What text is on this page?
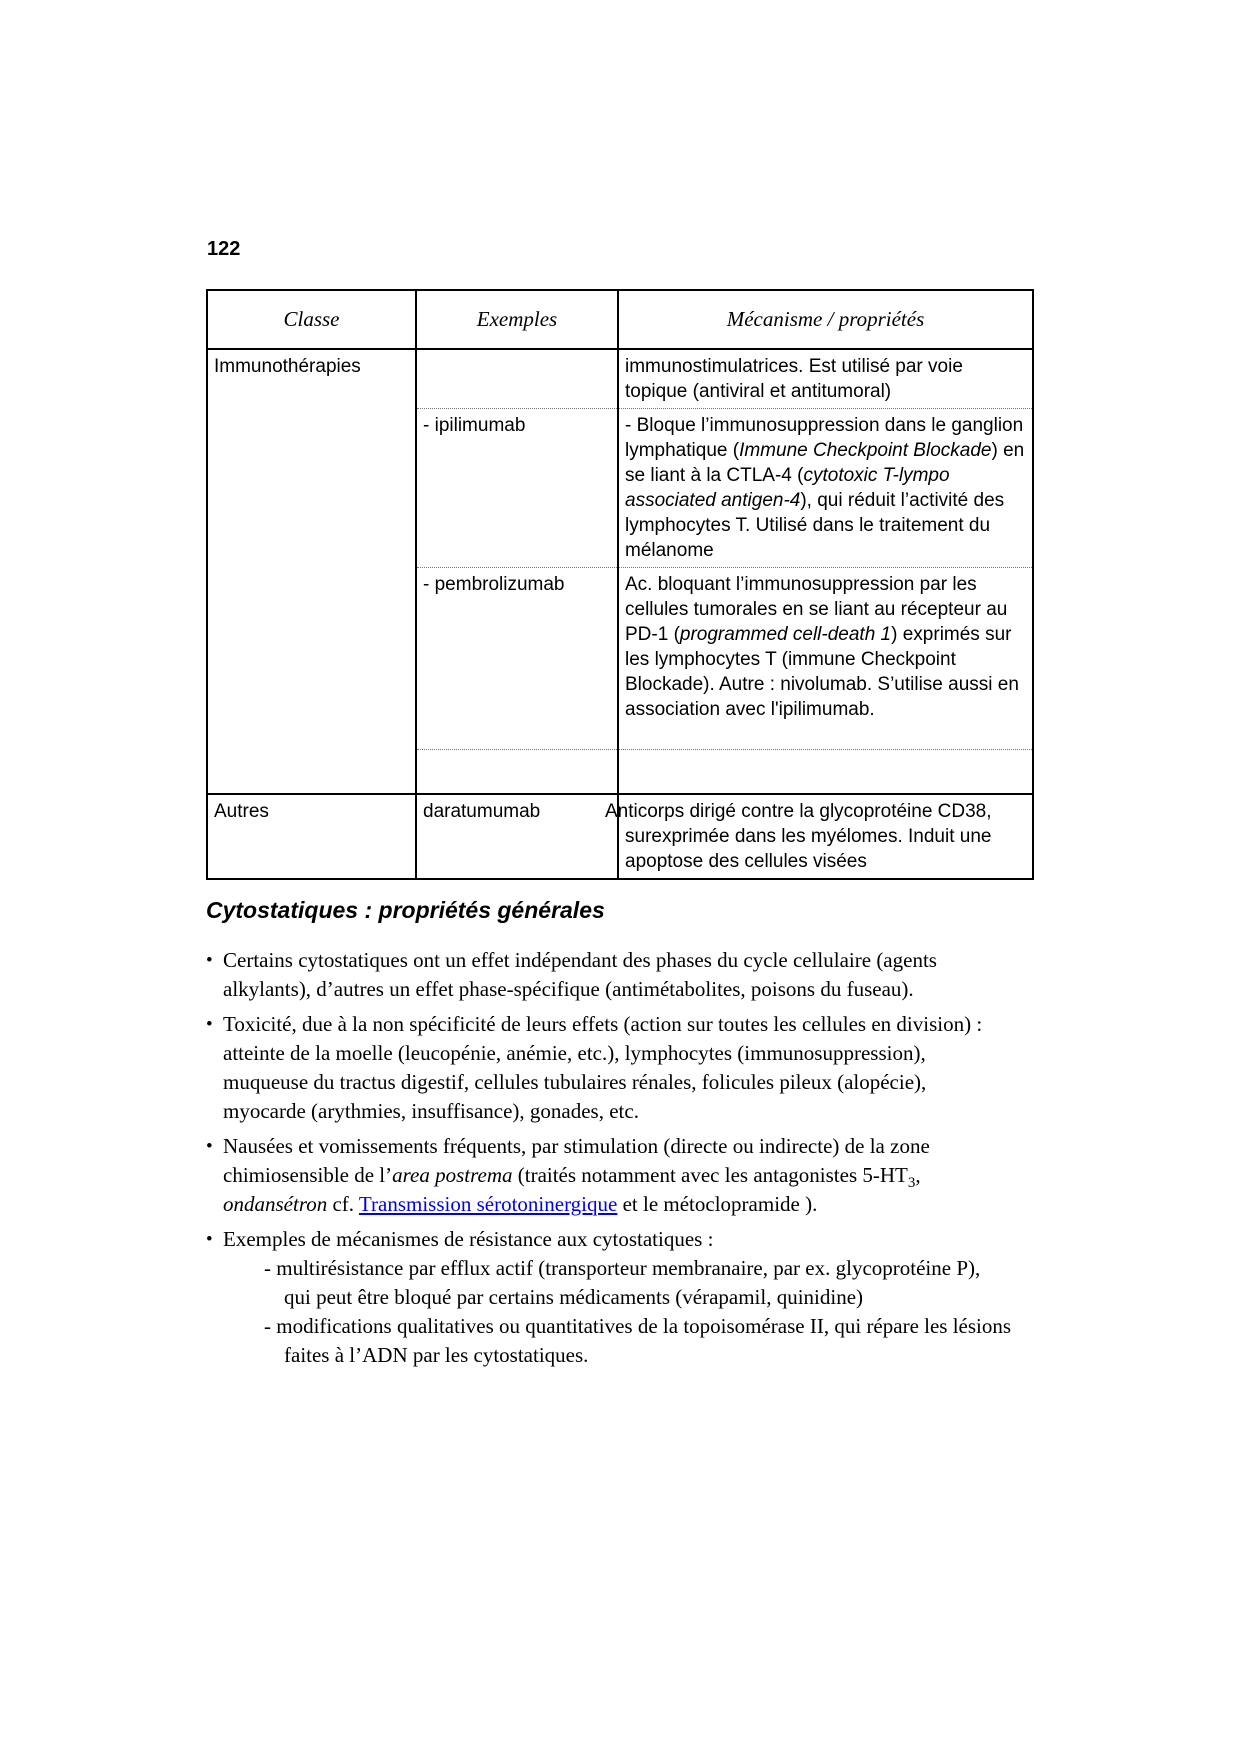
122
Classe	Exemples	Mécanisme / propriétés
Immunothérapies		immunostimulatrices. Est utilisé par voie topique (antiviral et antitumoral)
	- ipilimumab	- Bloque l’immunosuppression dans le ganglion lymphatique (Immune Checkpoint Blockade) en se liant à la CTLA-4 (cytotoxic T-lympo associated antigen-4), qui réduit l’activité des lymphocytes T. Utilisé dans le traitement du mélanome
	- pembrolizumab	Ac. bloquant l’immunosuppression par les cellules tumorales en se liant au récepteur au PD-1 (programmed cell-death 1) exprimés sur les lymphocytes T (immune Checkpoint Blockade). Autre : nivolumab. S’utilise aussi en association avec l'ipilimumab.

Autres	daratumumab	Anticorps dirigé contre la glycoprotéine CD38, surexprimée dans les myélomes. Induit une apoptose des cellules visées
Cytostatiques : propriétés générales
• Certains cytostatiques ont un effet indépendant des phases du cycle cellulaire (agents alkylants), d’autres un effet phase-spécifique (antimétabolites, poisons du fuseau).
• Toxicité, due à la non spécificité de leurs effets (action sur toutes les cellules en division) : atteinte de la moelle (leucopénie, anémie, etc.), lymphocytes (immunosuppression), muqueuse du tractus digestif, cellules tubulaires rénales, folicules pileux (alopécie), myocarde (arythmies, insuffisance), gonades, etc.
• Nausées et vomissements fréquents, par stimulation (directe ou indirecte) de la zone chimiosensible de l’area postrema (traités notamment avec les antagonistes $5-HT_3$, ondansétron cf. Transmission sérotoninergique et le métoclopramide ).
• Exemples de mécanismes de résistance aux cytostatiques :
- multirésistance par efflux actif (transporteur membranaire, par ex. glycoprotéine P), qui peut être bloqué par certains médicaments (vérapamil, quinidine)
- modifications qualitatives ou quantitatives de la topoisomérase II, qui répare les lésions faites à l’ADN par les cytostatiques.
